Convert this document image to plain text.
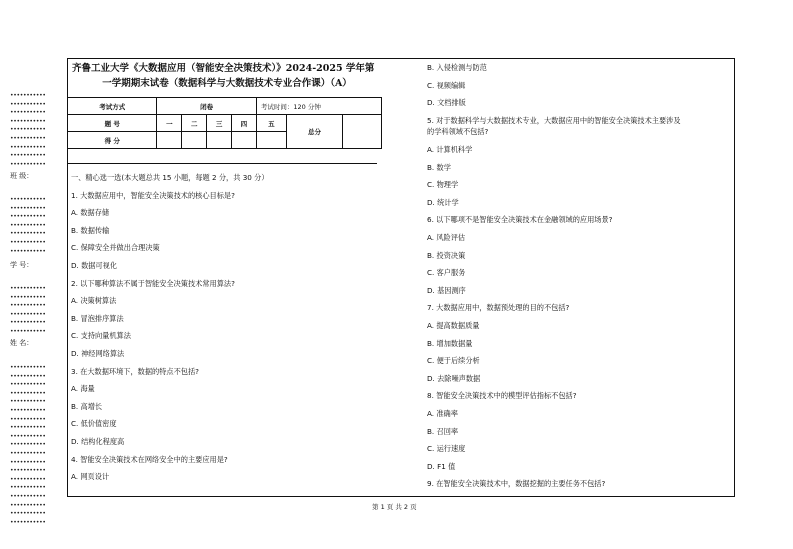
齐鲁工业大学《大数据应用（智能安全决策技术）》2024-2025 学年第
一学期期末试卷（数据科学与大数据技术专业合作课）（A）
考试方式	闭卷				考试时间：120 分钟		
题 号	一	二	三	四	五	总分	
得 分							
一、精心选一选(本大题总共 15 小题，每题 2 分，共 30 分）
1. 大数据应用中，智能安全决策技术的核心目标是?
A. 数据存储
B. 数据传输
C. 保障安全并做出合理决策
D. 数据可视化
2. 以下哪种算法不属于智能安全决策技术常用算法?
A. 决策树算法
B. 冒泡排序算法
C. 支持向量机算法
D. 神经网络算法
3. 在大数据环境下，数据的特点不包括?
A. 海量
B. 高增长
C. 低价值密度
D. 结构化程度高
4. 智能安全决策技术在网络安全中的主要应用是?
A. 网页设计
B. 入侵检测与防范
C. 视频编辑
D. 文档排版
5. 对于数据科学与大数据技术专业，大数据应用中的智能安全决策技术主要涉及
的学科领域不包括?
A. 计算机科学
B. 数学
C. 物理学
D. 统计学
6. 以下哪项不是智能安全决策技术在金融领域的应用场景?
A. 风险评估
B. 投资决策
C. 客户服务
D. 基因测序
7. 大数据应用中，数据预处理的目的不包括?
A. 提高数据质量
B. 增加数据量
C. 便于后续分析
D. 去除噪声数据
8. 智能安全决策技术中的模型评估指标不包括?
A. 准确率
B. 召回率
C. 运行速度
D. F1 值
9. 在智能安全决策技术中，数据挖掘的主要任务不包括?
•••••••••••
•••••••••••
•••••••••••
•••••••••••
•••••••••••
•••••••••••
•••••••••••
•••••••••••
•••••••••••
•••••••••••
•••••••••••
•••••••••••
•••••••••••
•••••••••••
•••••••••••
•••••••••••
•••••••••••
•••••••••••
•••••••••••
•••••••••••
•••••••••••
•••••••••••
•••••••••••
•••••••••••
•••••••••••
•••••••••••
•••••••••••
•••••••••••
•••••••••••
•••••••••••
•••••••••••
•••••••••••
•••••••••••
•••••••••••
•••••••••••
•••••••••••
•••••••••••
•••••••••••
•••••••••••
•••••••••••
•••••••••••
班 级：
学 号：
姓 名：
第 1 页 共 2 页
